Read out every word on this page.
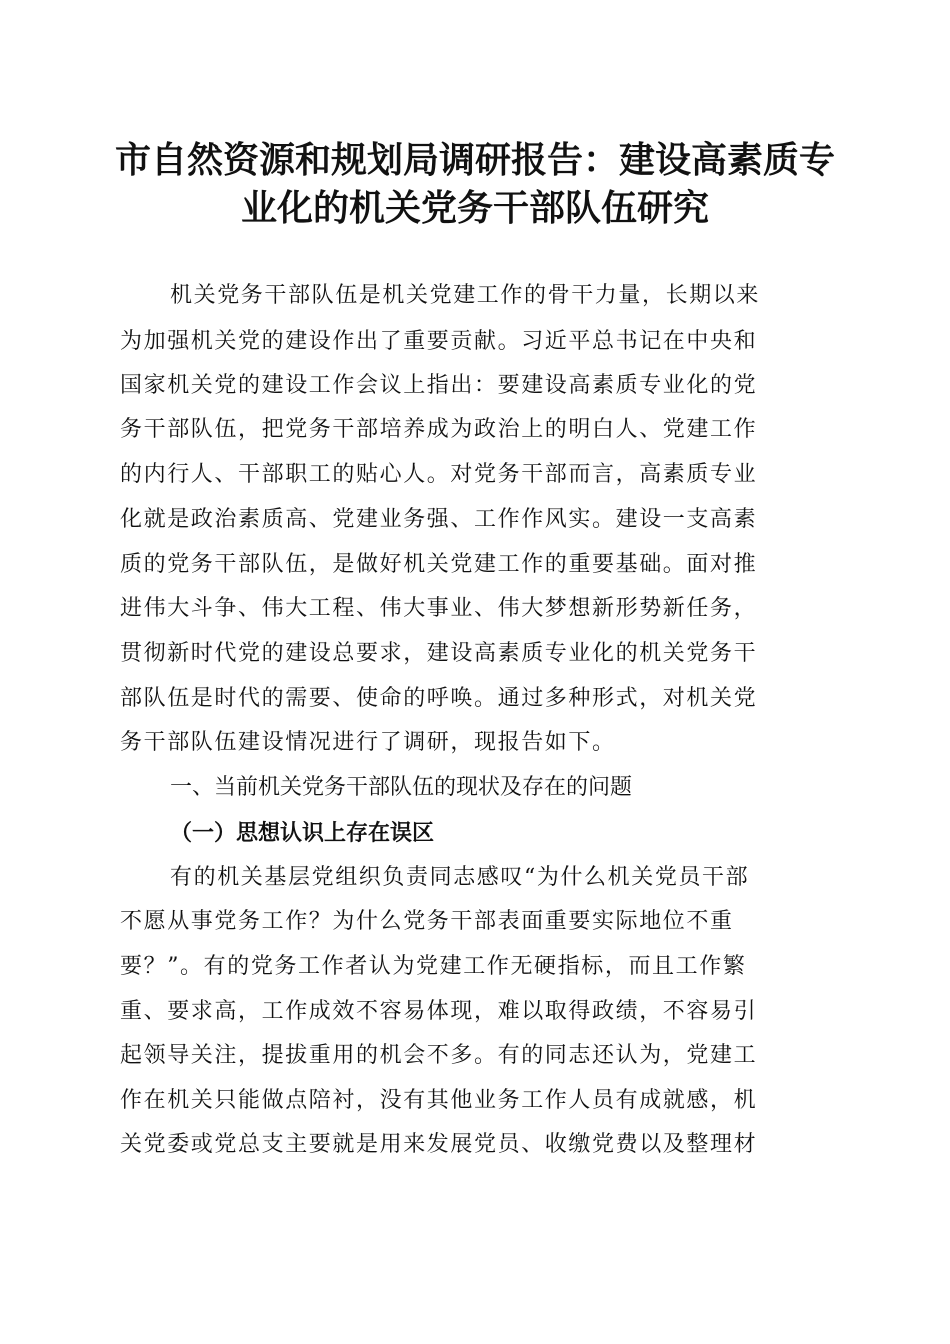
市自然资源和规划局调研报告：建设高素质专
业化的机关党务干部队伍研究

机关党务干部队伍是机关党建工作的骨干力量，长期以来

为加强机关党的建设作出了重要贡献。习近平总书记在中央和

国家机关党的建设工作会议上指出：要建设高素质专业化的党

务干部队伍，把党务干部培养成为政治上的明白人、党建工作

的内行人、干部职工的贴心人。对党务干部而言，高素质专业

化就是政治素质高、党建业务强、工作作风实。建设一支高素

质的党务干部队伍，是做好机关党建工作的重要基础。面对推

进伟大斗争、伟大工程、伟大事业、伟大梦想新形势新任务，

贯彻新时代党的建设总要求，建设高素质专业化的机关党务干

部队伍是时代的需要、使命的呼唤。通过多种形式，对机关党

务干部队伍建设情况进行了调研，现报告如下。

一、当前机关党务干部队伍的现状及存在的问题
（一）思想认识上存在误区

有的机关基层党组织负责同志感叹“为什么机关党员干部

不愿从事党务工作？为什么党务干部表面重要实际地位不重

要？”。有的党务工作者认为党建工作无硬指标，而且工作繁

重、要求高，工作成效不容易体现，难以取得政绩，不容易引

起领导关注，提拔重用的机会不多。有的同志还认为，党建工

作在机关只能做点陪衬，没有其他业务工作人员有成就感，机

关党委或党总支主要就是用来发展党员、收缴党费以及整理材
